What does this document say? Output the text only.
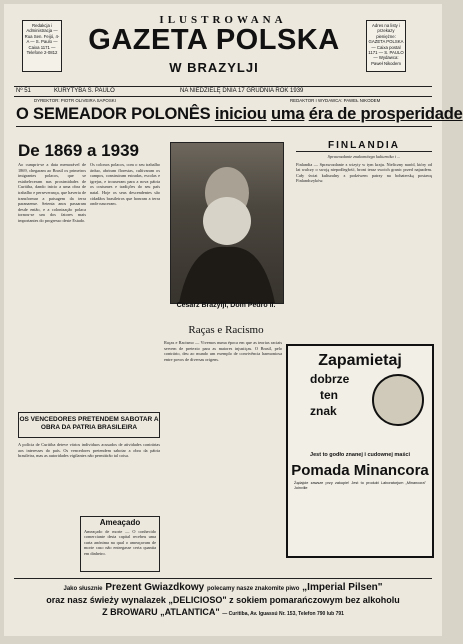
Redakcja i Administracja — Rua Sen. Feijó, 4-A — S. Paulo — Caixa 1171 — Telefone 2-0812
ILUSTROWANA
GAZETA POLSKA
W BRAZYLJI
Adres na listy i przekazy pieniężne: GAZETA POLSKA — Caixa postal 1171 — S. PAULO — Wydawca: Paweł Nikodem
Nº 51	KURYTYBA S. PAULO	NA NIEDZIELĘ DNIA 17 GRUDNIA ROK 1939
DYREKTOR: PIOTR OLIVEIRA SAPOSKI	REDAKTOR I WYDAWCA: PAWEŁ NIKODEM
O SEMEADOR POLONÊS iniciou uma éra de prosperidade
De 1869 a 1939
Ao cumprir-se a data memorável de 1869, chegaram ao Brasil os primeiros imigrantes polacos, que se estabeleceram nas proximidades de Curitiba, dando inicio a uma obra de trabalho e perseverança, que haveria de transformar a paisagem da terra paranaense. Setenta anos passaram desde então, e a colonização polaca tornou-se um dos fatores mais importantes do progresso deste Estado.
Os colonos polacos, com o seu trabalho árduo, abriram florestas, cultivaram os campos, construiram estradas, escolas e igrejas, e trouxeram para a nova pátria os costumes e tradições do seu país natal. Hoje os seus descendentes são cidadãos brasileiros que honram a terra onde nasceram.
Cesarz Brazylji, Dom Pedro II.
FINLANDIA
Sprawozdanie znakomitego kulturnika i ...
Finlandia — Sprawozdanie z wizyty w tym kraju. Nieliczny naród, który od lat walczy o swoją niepodległość, broni teraz swoich granic przed najazdem. Cały świat kulturalny z podziwem patrzy na bohaterską postawę Finlandczyków.
Raças e Racismo
Raças e Racismo — Vivemos numa época em que as teorias raciais servem de pretexto para as maiores injustiças. O Brasil, pelo contrário, deu ao mundo um exemplo de convivência harmoniosa entre povos de diversas origens.
OS VENCEDORES PRETENDEM SABOTAR A OBRA DA PATRIA BRASILEIRA
A polícia de Curitiba deteve vários individuos acusados de atividades contrárias aos interesses do país. Os vencedores pretendem sabotar a obra da pátria brasileira, mas as autoridades vigilantes não permitirão tal coisa.
Ameaçado
Ameaçado de morte — O conhecido comerciante desta capital recebeu uma carta anónima na qual o ameaçavam de morte caso não entregasse certa quantia em dinheiro.
Zapamietaj
dobrze
ten
znak
Jest to godło znanej i cudownej maści
Pomada Minancora
Żądajcie zawsze przy zakupie! Jest to produkt Laboratorjum „Minancora" Joinville
Jako słusznie Prezent Gwiazdkowy polecamy nasze znakomite piwo „Imperial Pilsen"
oraz nasz świeży wynalazek „DELICIOSO" z sokiem pomarańczowym bez alkoholu
Z BROWARU „ATLANTICA" — Curitiba, Av. Iguassú Nr. 153, Telefon 790 lub 791
